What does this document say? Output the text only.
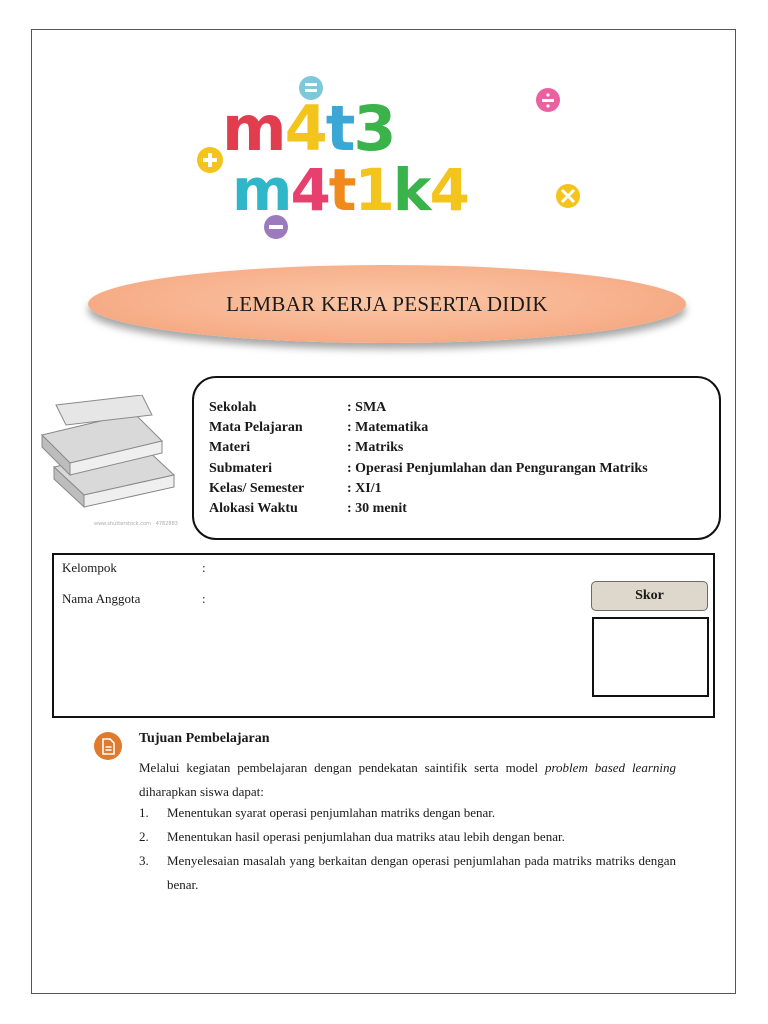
m4t3
m4t1k4
LEMBAR KERJA PESERTA DIDIK
www.shutterstock.com · 4782883
Sekolah	: SMA
Mata Pelajaran	: Matematika
Materi	: Matriks
Submateri	: Operasi Penjumlahan dan Pengurangan Matriks
Kelas/ Semester	: XI/1
Alokasi Waktu	: 30 menit
Kelompok	:
Nama Anggota	:	Skor
Tujuan Pembelajaran
Melalui kegiatan pembelajaran dengan pendekatan saintifik serta model problem based learning diharapkan siswa dapat:
1. Menentukan syarat operasi penjumlahan matriks dengan benar.
2. Menentukan hasil operasi penjumlahan dua matriks atau lebih dengan benar.
3. Menyelesaian masalah yang berkaitan dengan operasi penjumlahan pada matriks matriks dengan benar.
